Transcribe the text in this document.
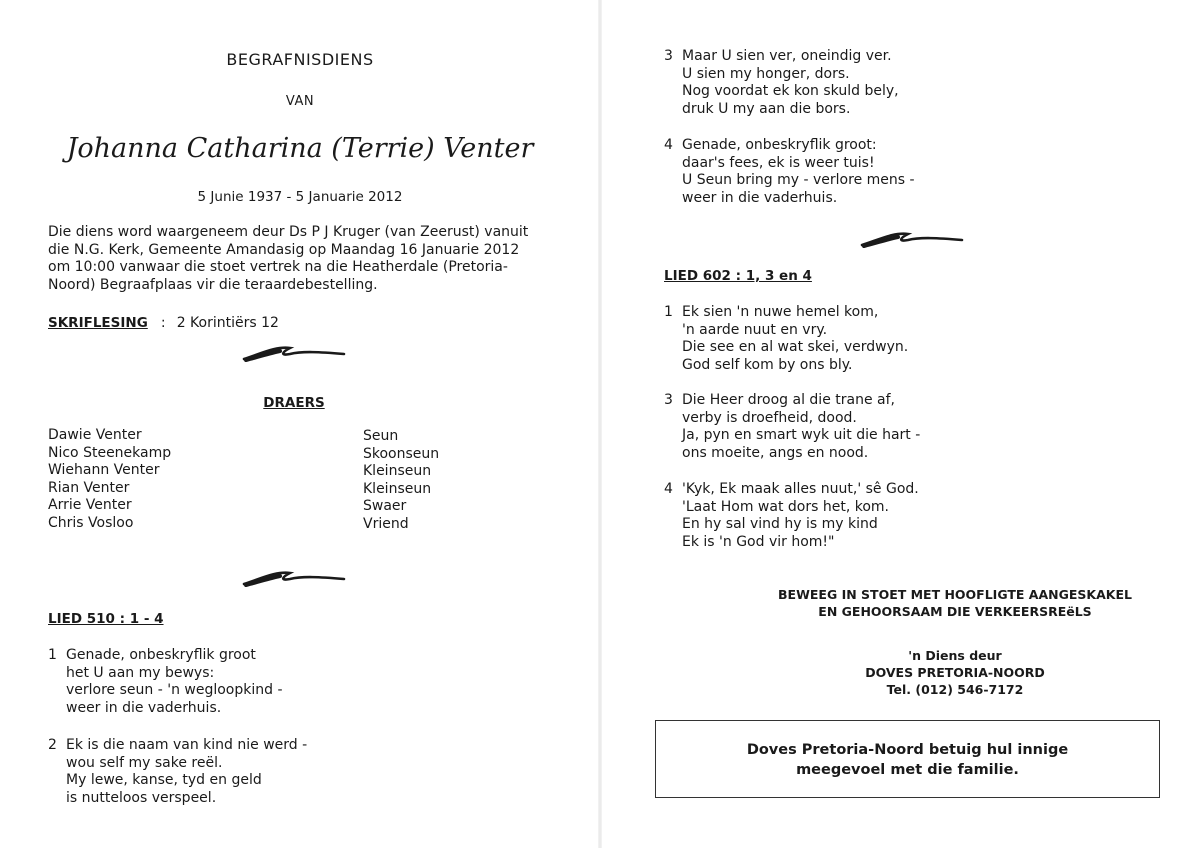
BEGRAFNISDIENS
VAN
Johanna Catharina (Terrie) Venter
5 Junie 1937 - 5 Januarie 2012
Die diens word waargeneem deur Ds P J Kruger (van Zeerust) vanuit
die N.G. Kerk, Gemeente Amandasig op Maandag 16 Januarie 2012
om 10:00 vanwaar die stoet vertrek na die Heatherdale (Pretoria-
Noord) Begraafplaas vir die teraardebestelling.
SKRIFLESING : 2 Korintiërs 12
DRAERS
Dawie Venter
Nico Steenekamp
Wiehann Venter
Rian Venter
Arrie Venter
Chris Vosloo
Seun
Skoonseun
Kleinseun
Kleinseun
Swaer
Vriend
LIED 510 : 1 - 4
1 Genade, onbeskryflik groot
het U aan my bewys:
verlore seun - 'n wegloopkind -
weer in die vaderhuis.
2 Ek is die naam van kind nie werd -
wou self my sake reël.
My lewe, kanse, tyd en geld
is nutteloos verspeel.
3 Maar U sien ver, oneindig ver.
U sien my honger, dors.
Nog voordat ek kon skuld bely,
druk U my aan die bors.
4 Genade, onbeskryflik groot:
daar's fees, ek is weer tuis!
U Seun bring my - verlore mens -
weer in die vaderhuis.
LIED 602 : 1, 3 en 4
1 Ek sien 'n nuwe hemel kom,
'n aarde nuut en vry.
Die see en al wat skei, verdwyn.
God self kom by ons bly.
3 Die Heer droog al die trane af,
verby is droefheid, dood.
Ja, pyn en smart wyk uit die hart -
ons moeite, angs en nood.
4 'Kyk, Ek maak alles nuut,' sê God.
'Laat Hom wat dors het, kom.
En hy sal vind hy is my kind
Ek is 'n God vir hom!"
BEWEEG IN STOET MET HOOFLIGTE AANGESKAKEL
EN GEHOORSAAM DIE VERKEERSREëLS
'n Diens deur
DOVES PRETORIA-NOORD
Tel. (012) 546-7172
Doves Pretoria-Noord betuig hul innige
meegevoel met die familie.
